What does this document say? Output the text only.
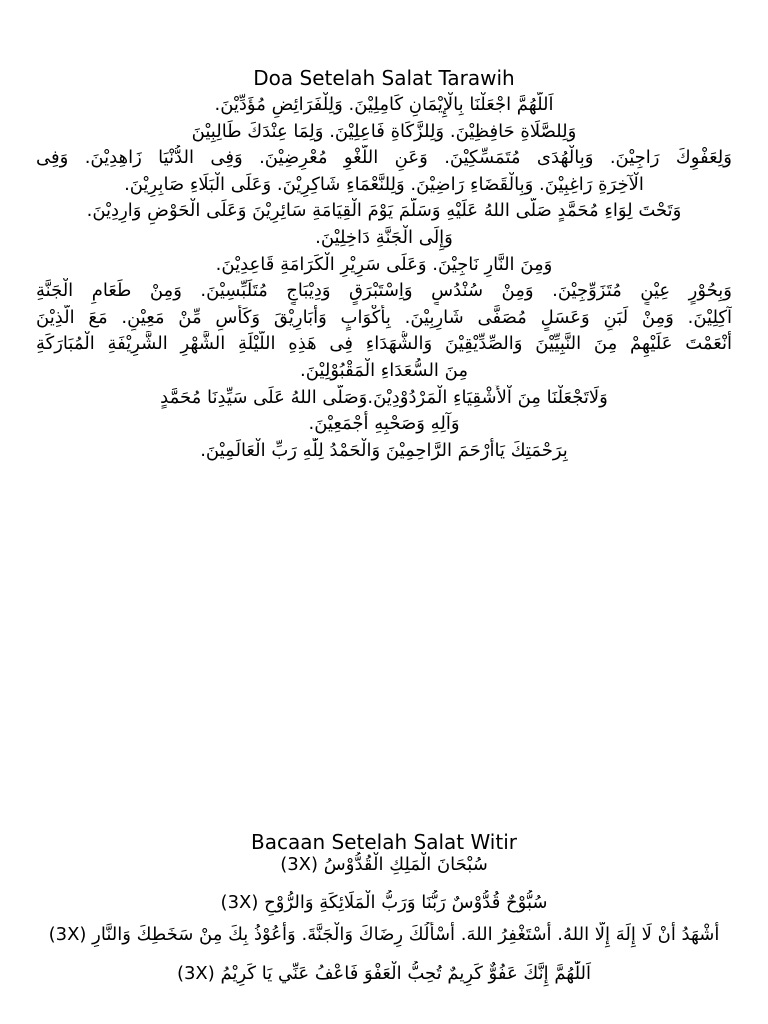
Doa Setelah Salat Tarawih
اَللّهُمَّ اجْعَلْنَا بِالْإِيْمَانِ كَامِلِيْنَ. وَلِلْفَرَائِضِ مُؤَدِّيْنَ.
وَلِلصَّلَاةِ حَافِظِيْنَ. وَلِلزَّكَاةِ فَاعِلِيْنَ. وَلِمَا عِنْدَكَ طَالِبِيْنَ
وَلِعَفْوِكَ رَاجِيْنَ. وَبِالْهُدَى مُتَمَسِّكِيْنَ. وَعَنِ اللَّغْوِ مُعْرِضِيْنَ. وَفِى الدُّنْيَا زَاهِدِيْنَ. وَفِى
الْآخِرَةِ رَاغِبِيْنَ. وَبِالْقَضَاءِ رَاضِيْنَ. وَلِلنَّعْمَاءِ شَاكِرِيْنَ. وَعَلَى الْبَلَاءِ صَابِرِيْنَ.
وَتَحْتَ لِوَاءِ مُحَمَّدٍ صَلَّى اللهُ عَلَيْهِ وَسَلَّمَ يَوْمَ الْقِيَامَةِ سَائِرِيْنَ وَعَلَى الْحَوْضِ وَارِدِيْنَ.
وَإِلَى الْجَنَّةِ دَاخِلِيْنَ.
وَمِنَ النَّارِ نَاجِيْنَ. وَعَلَى سَرِيْرِ الْكَرَامَةِ قَاعِدِيْنَ.
وَبِحُوْرٍ عِيْنٍ مُتَزَوِّجِيْنَ. وَمِنْ سُنْدُسٍ وَاِسْتَبْرَقٍ وَدِيْبَاجٍ مُتَلَبِّسِيْنَ. وَمِنْ طَعَامِ الْجَنَّةِ
آكِلِيْنَ. وَمِنْ لَبَنٍ وَعَسَلٍ مُصَفًّى شَارِبِيْنَ. بِأَكْوَابٍ وَأَبَارِيْقَ وَكَأْسٍ مِّنْ مَعِيْنٍ. مَعَ الَّذِيْنَ
أَنْعَمْتَ عَلَيْهِمْ مِنَ النَّبِيِّيْنَ وَالصِّدِّيْقِيْنَ وَالشُّهَدَاءِ فِى هَذِهِ اللَّيْلَةِ الشَّهْرِ الشَّرِيْفَةِ الْمُبَارَكَةِ
مِنَ السُّعَدَاءِ الْمَقْبُوْلِيْنَ.
وَلَاتَجْعَلْنَا مِنَ اْلأَشْقِيَاءِ الْمَرْدُوْدِيْنَ.وَصَلَّى اللهُ عَلَى سَيِّدِنَا مُحَمَّدٍ
وَآلِهِ وَصَحْبِهِ أَجْمَعِيْنَ.
بِرَحْمَتِكَ يَاأَرْحَمَ الرَّاحِمِيْنَ وَالْحَمْدُ لِلّٰهِ رَبِّ الْعَالَمِيْنَ.
Bacaan Setelah Salat Witir
سُبْحَانَ الْمَلِكِ الْقُدُّوْسُ (3X)
سُبُّوْحٌ قُدُّوْسٌ رَبُّنَا وَرَبُّ الْمَلَائِكَةِ وَالرُّوْحِ (3X)
أَشْهَدُ أَنْ لَا إِلَهَ إِلَّا اللهُ. أَسْتَغْفِرُ اللهَ. أَسْأَلُكَ رِضَاكَ وَالْجَنَّةَ. وَأَعُوْذُ بِكَ مِنْ سَخَطِكَ وَالنَّارِ (3X)
اَللّٰهُمَّ إِنَّكَ عَفُوٌّ كَرِيمٌ تُحِبُّ الْعَفْوَ فَاعْفُ عَنِّي يَا كَرِيْمُ (3X)
